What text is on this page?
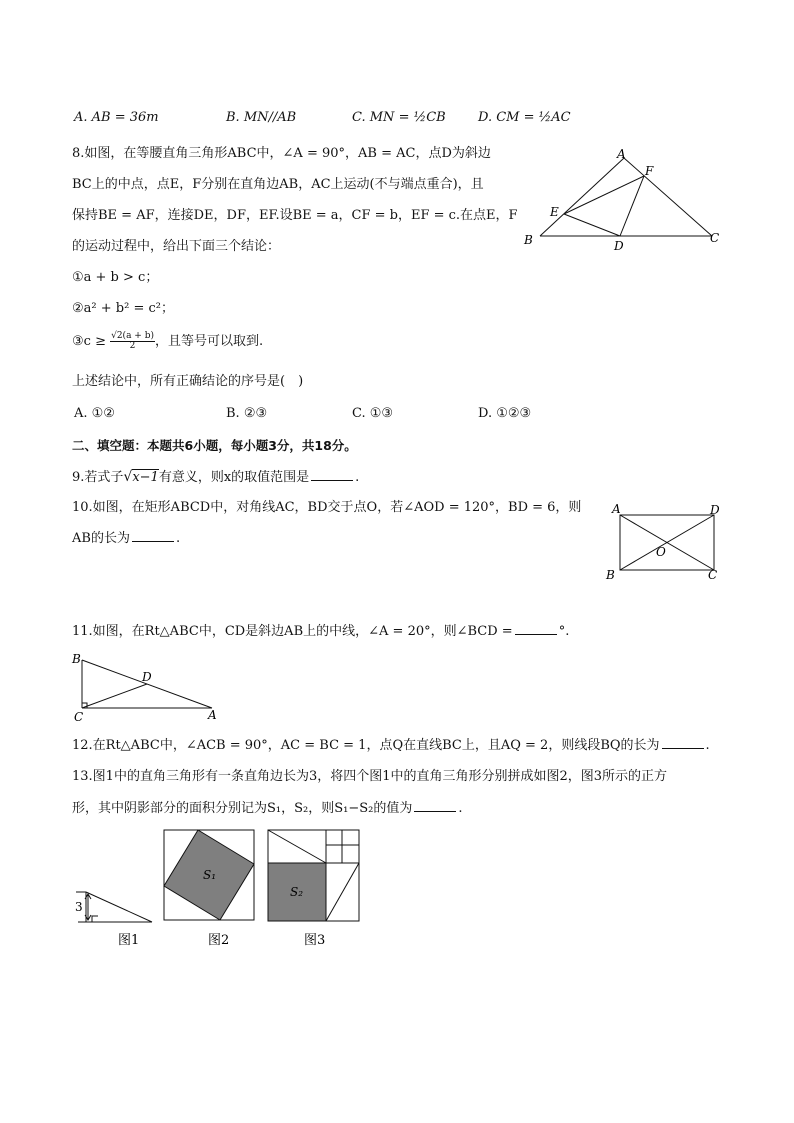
A. AB = 36m	B. MN//AB	C. MN = ½CB D. CM = ½AC
8.如图，在等腰直角三角形ABC中，∠A = 90°，AB = AC，点D为斜边
BC上的中点，点E，F分别在直角边AB，AC上运动(不与端点重合)，且
保持BE = AF，连接DE，DF，EF.设BE = a，CF = b，EF = c.在点E，F
的运动过程中，给出下面三个结论：
①a + b > c；
②a² + b² = c²；
③c ≥ $\frac{√2(a + b)}{2}$ ，且等号可以取到.
上述结论中，所有正确结论的序号是(　)
A. ①②	B. ②③	C. ①③	D. ①②③
A
F
E
B	D
C
二、填空题：本题共6小题，每小题3分，共18分。
9.若式子√x−1有意义，则x的取值范围是	.
10.如图，在矩形ABCD中，对角线AC，BD交于点O，若∠AOD = 120°，BD = 6，则
AB的长为	.
A	D
O
B	C
11.如图，在Rt△ABC中，CD是斜边AB上的中线，∠A = 20°，则∠BCD =	°.
B
D
C	A
12.在Rt△ABC中，∠ACB = 90°，AC = BC = 1，点Q在直线BC上，且AQ = 2，则线段BQ的长为	.
13.图1中的直角三角形有一条直角边长为3，将四个图1中的直角三角形分别拼成如图2，图3所示的正方
形，其中阴影部分的面积分别记为S₁，S₂，则S₁−S₂的值为	.
3
S₁
S₂
图1	图2	图3
